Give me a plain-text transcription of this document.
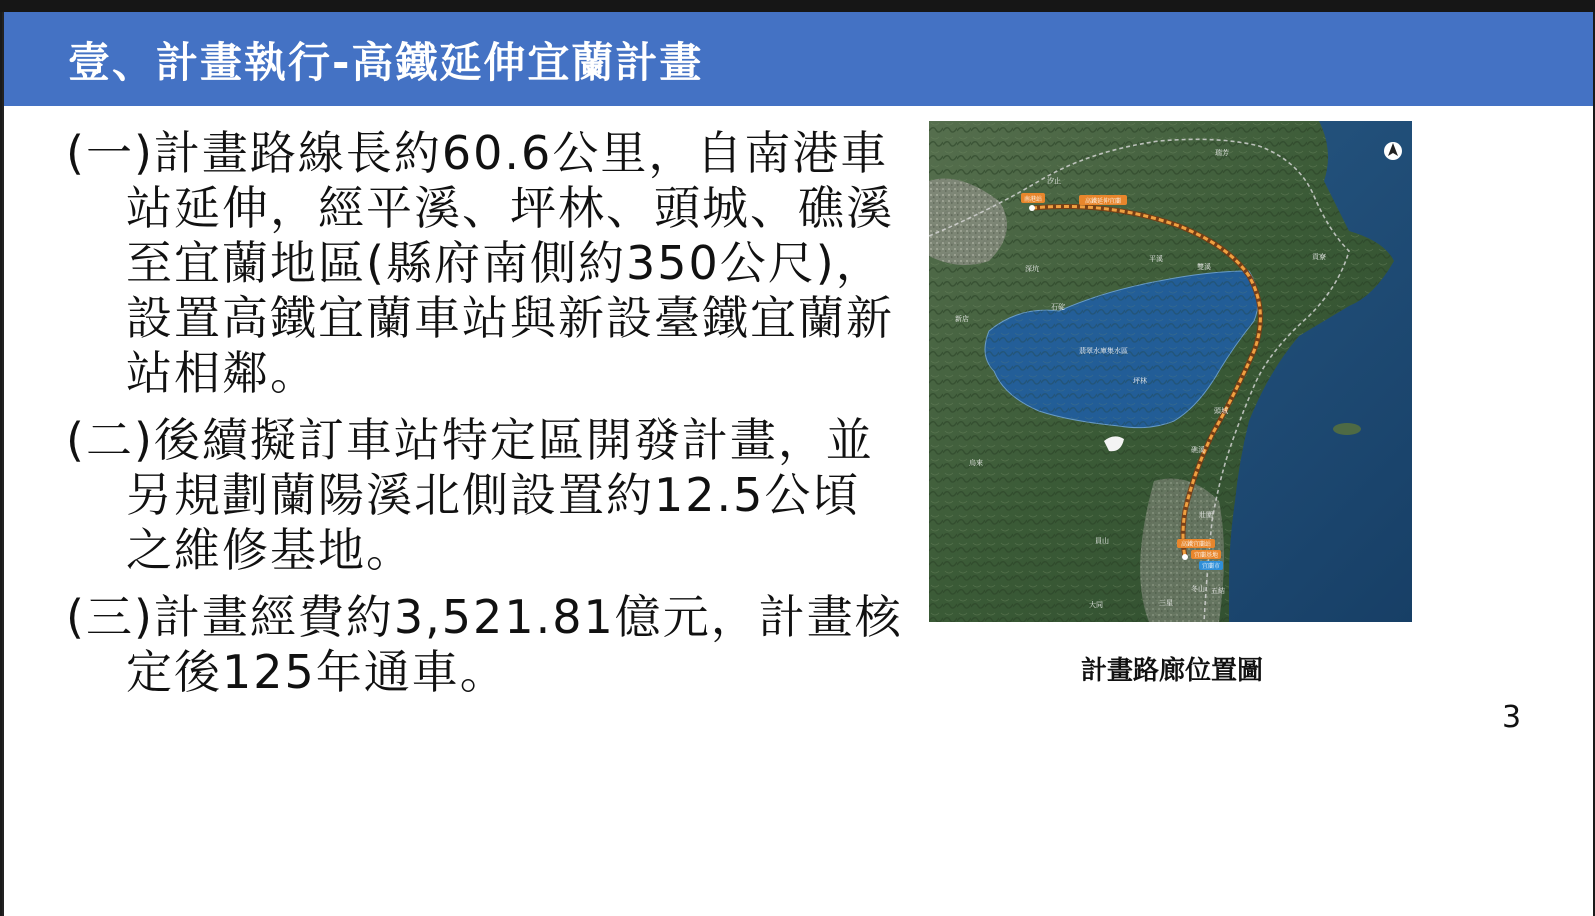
壹、計畫執行-高鐵延伸宜蘭計畫

(一)計畫路線長約60.6公里，自南港車站延伸，經平溪、坪林、頭城、礁溪至宜蘭地區(縣府南側約350公尺)，設置高鐵宜蘭車站與新設臺鐵宜蘭新站相鄰。

(二)後續擬訂車站特定區開發計畫，並另規劃蘭陽溪北側設置約12.5公頃之維修基地。

(三)計畫經費約3,521.81億元，計畫核定後125年通車。

南港站	高鐵延伸宜蘭
高鐵宜蘭站
宜蘭基地
宜蘭市
汐止
平溪
雙溪
貢寮
石碇
坪林
頭城
礁溪
員山
壯圍
三星
五結
瑞芳
深坑
新店
烏來
大同
冬山
翡翠水庫集水區
計畫路廊位置圖
3
